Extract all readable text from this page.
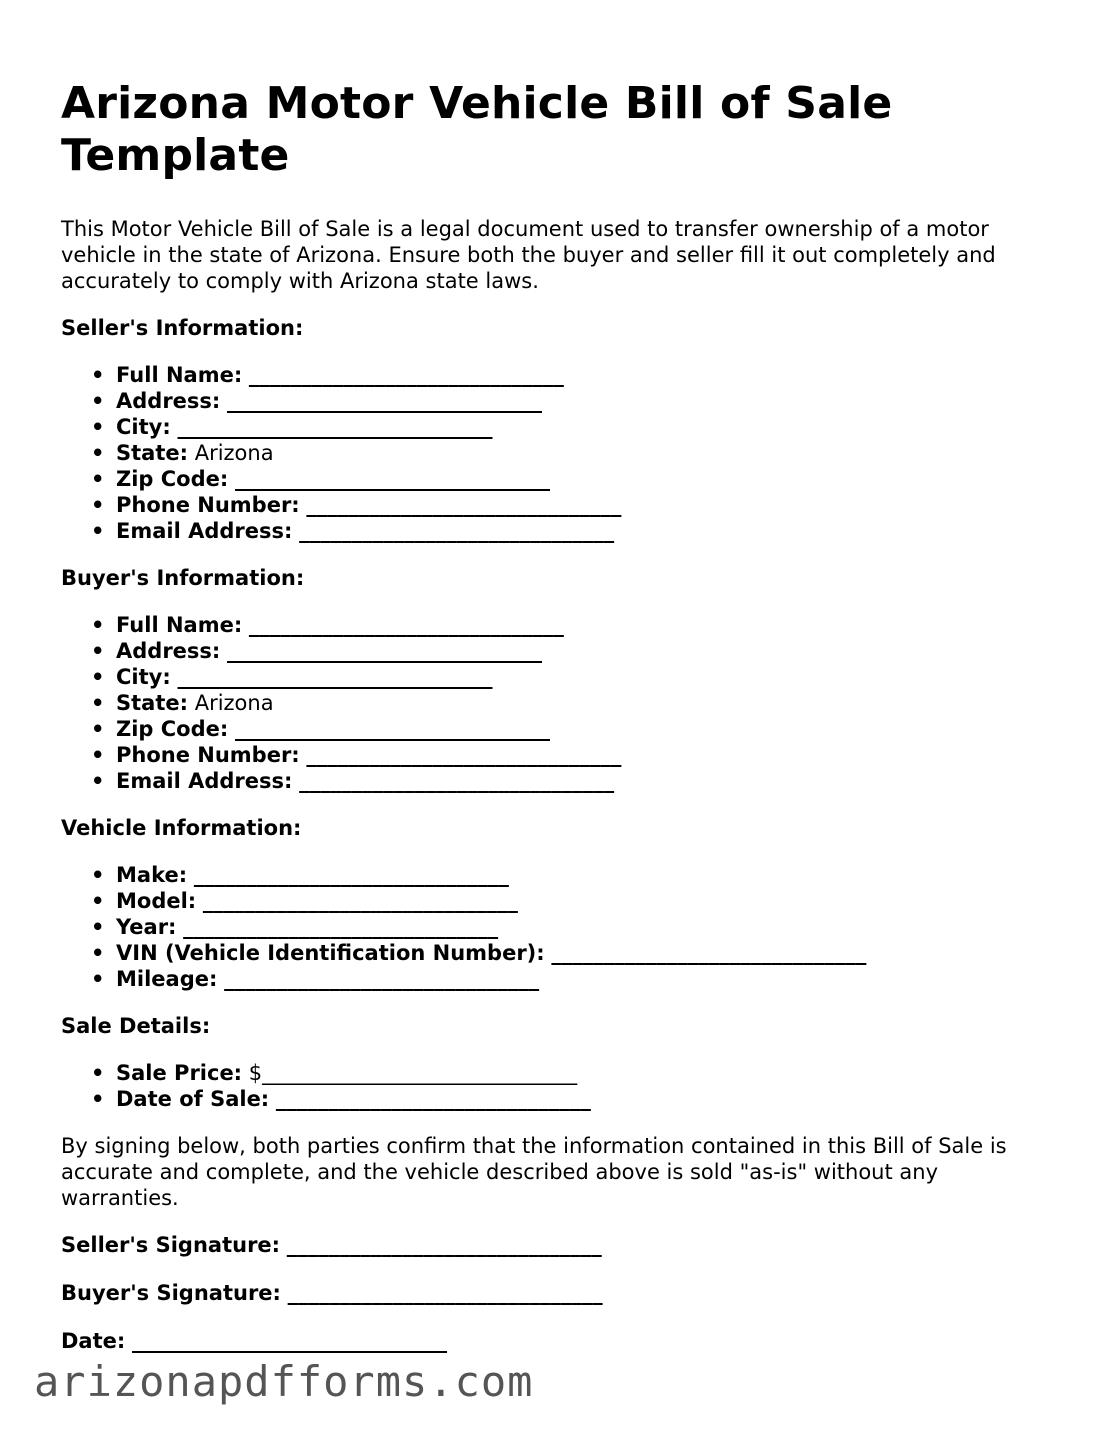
Arizona Motor Vehicle Bill of Sale Template

This Motor Vehicle Bill of Sale is a legal document used to transfer ownership of a motor vehicle in the state of Arizona. Ensure both the buyer and seller fill it out completely and accurately to comply with Arizona state laws.

Seller's Information:
• Full Name: ______________________________
• Address: ______________________________
• City: ______________________________
• State: Arizona
• Zip Code: ______________________________
• Phone Number: ______________________________
• Email Address: ______________________________
Buyer's Information:
• Full Name: ______________________________
• Address: ______________________________
• City: ______________________________
• State: Arizona
• Zip Code: ______________________________
• Phone Number: ______________________________
• Email Address: ______________________________
Vehicle Information:
• Make: ______________________________
• Model: ______________________________
• Year: ______________________________
• VIN (Vehicle Identification Number): ______________________________
• Mileage: ______________________________
Sale Details:
• Sale Price: $______________________________
• Date of Sale: ______________________________

By signing below, both parties confirm that the information contained in this Bill of Sale is accurate and complete, and the vehicle described above is sold "as-is" without any warranties.

Seller's Signature: ______________________________
Buyer's Signature: ______________________________
Date: ______________________________
arizonapdfforms.com
